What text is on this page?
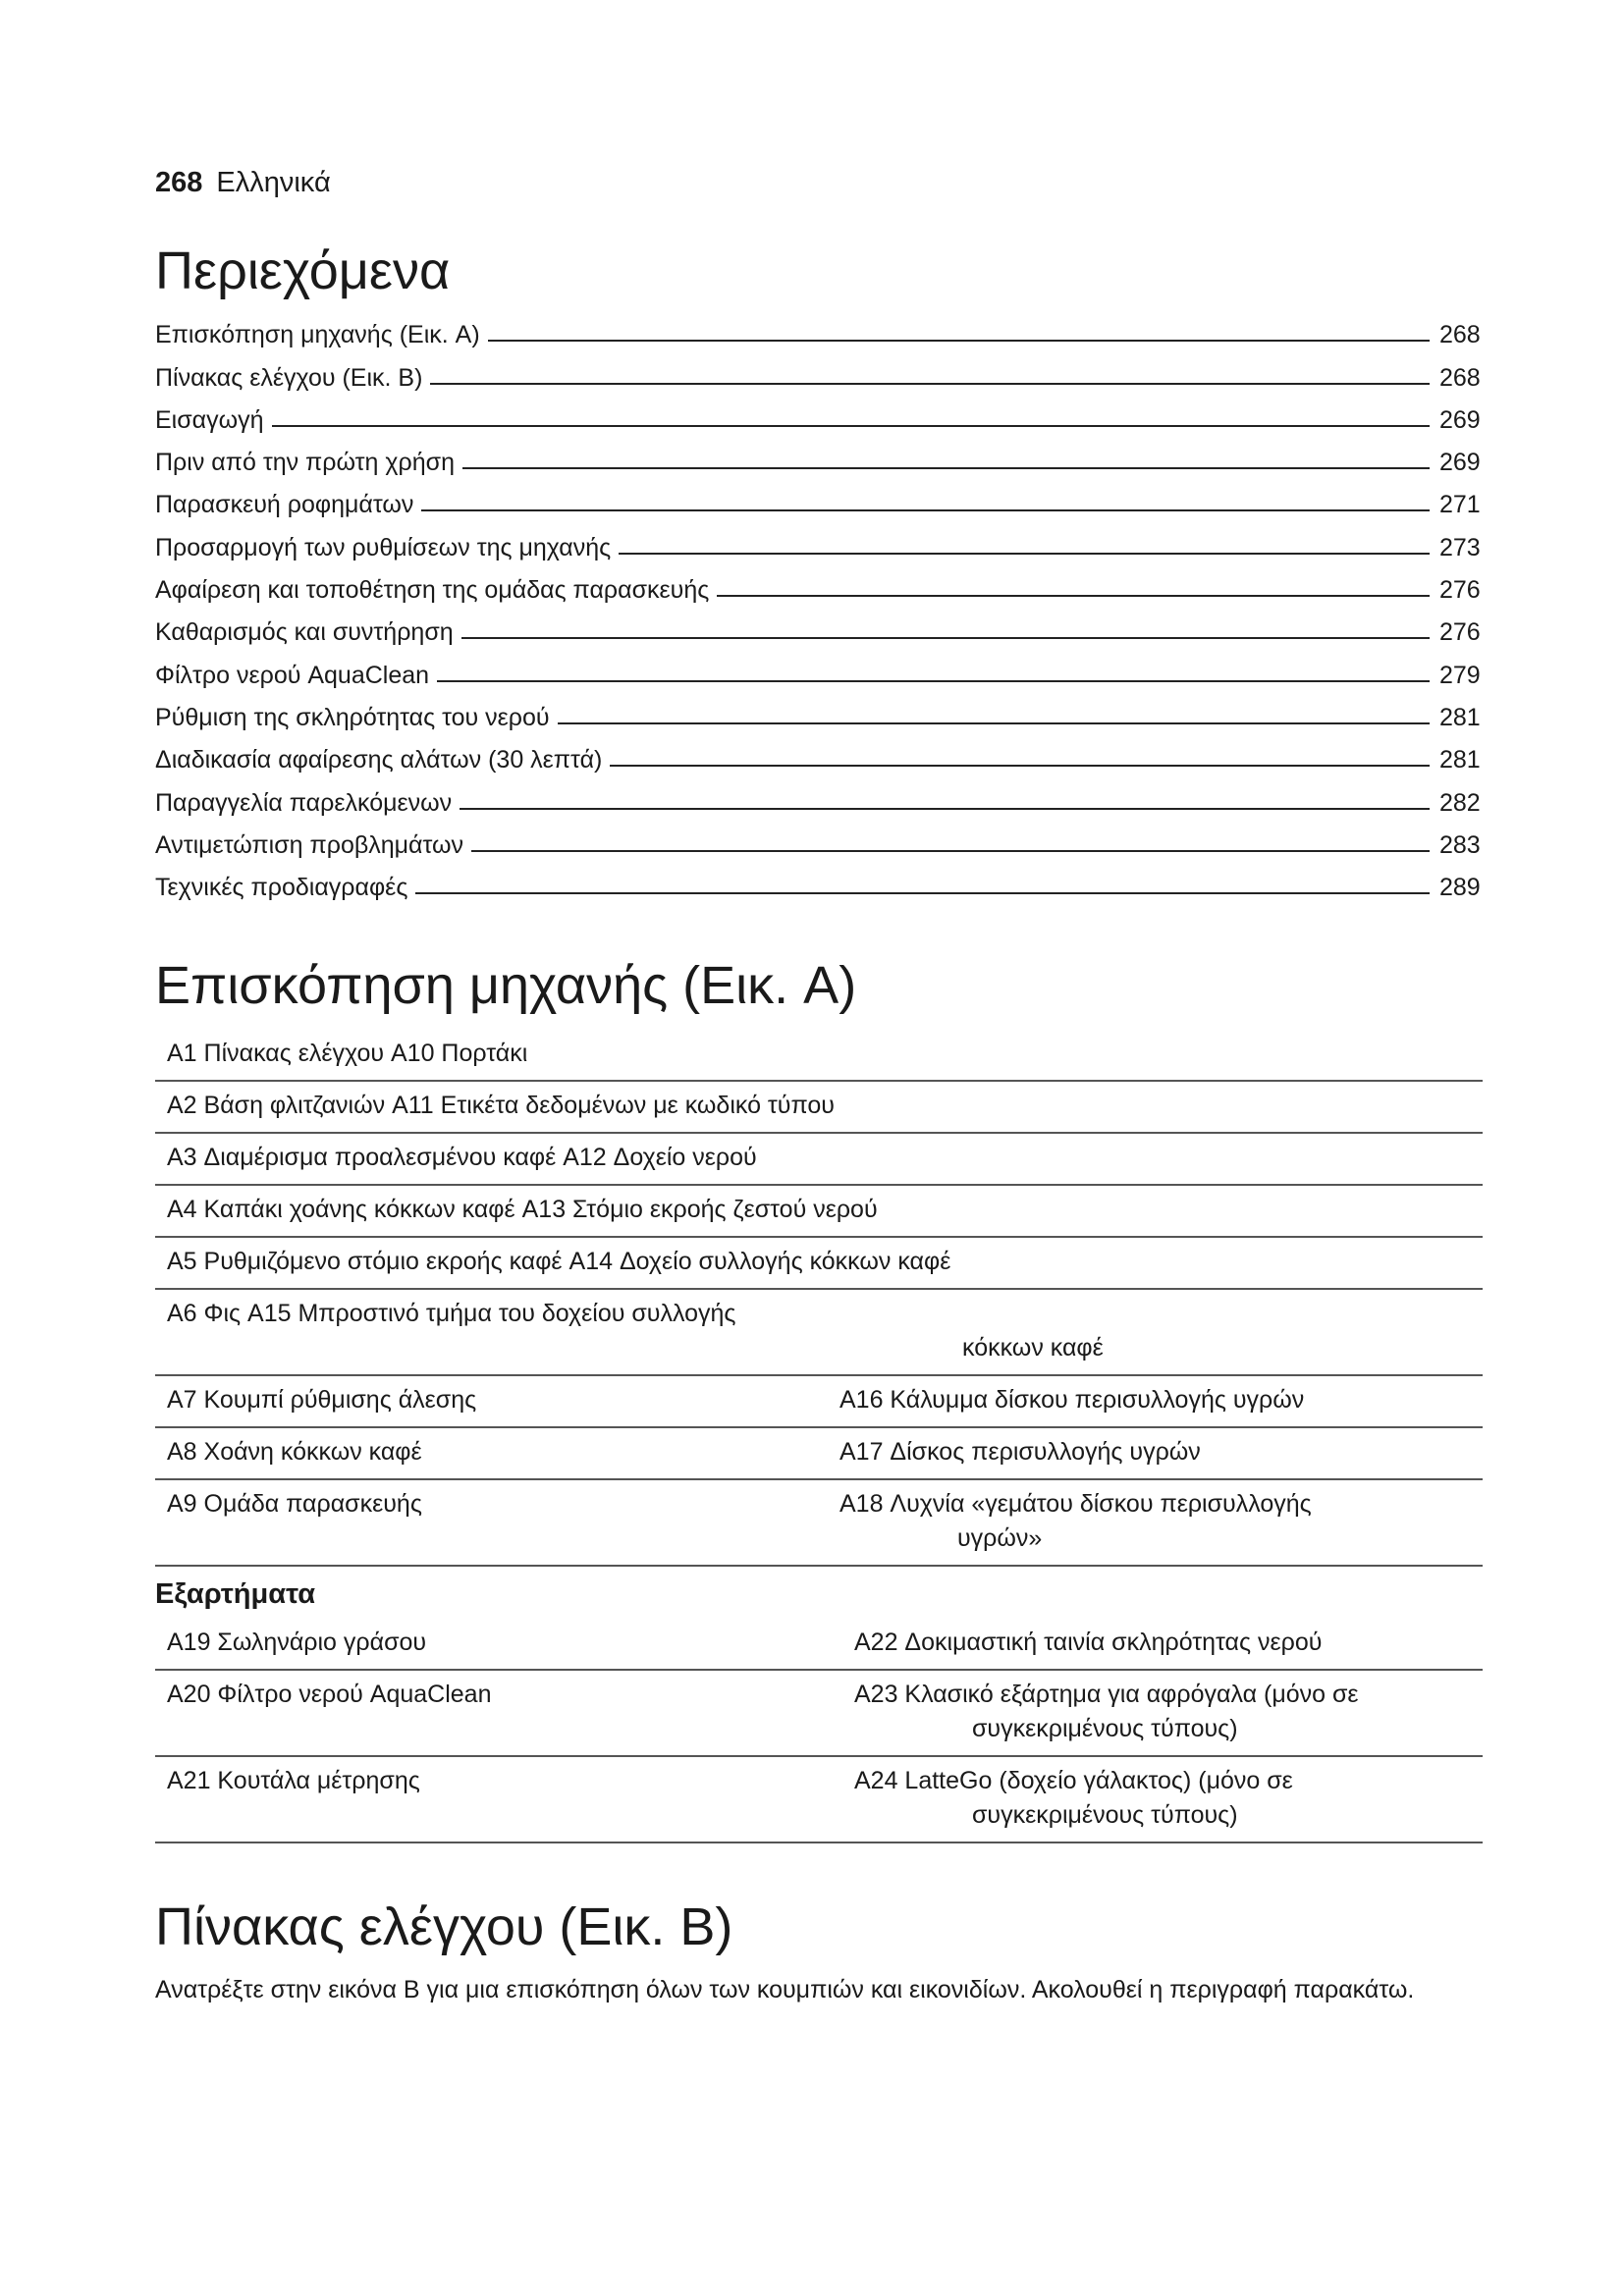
268 Ελληνικά
Περιεχόμενα
Επισκόπηση μηχανής (Εικ. A)	268
Πίνακας ελέγχου (Εικ. B)	268
Εισαγωγή	269
Πριν από την πρώτη χρήση	269
Παρασκευή ροφημάτων	271
Προσαρμογή των ρυθμίσεων της μηχανής	273
Αφαίρεση και τοποθέτηση της ομάδας παρασκευής	276
Καθαρισμός και συντήρηση	276
Φίλτρο νερού AquaClean	279
Ρύθμιση της σκληρότητας του νερού	281
Διαδικασία αφαίρεσης αλάτων (30 λεπτά)	281
Παραγγελία παρελκόμενων	282
Αντιμετώπιση προβλημάτων	283
Τεχνικές προδιαγραφές	289
Επισκόπηση μηχανής (Εικ. A)
A1 Πίνακας ελέγχου A10 Πορτάκι
A2 Βάση φλιτζανιών A11 Ετικέτα δεδομένων με κωδικό τύπου
A3 Διαμέρισμα προαλεσμένου καφέ A12 Δοχείο νερού
A4 Καπάκι χοάνης κόκκων καφέ A13 Στόμιο εκροής ζεστού νερού
A5 Ρυθμιζόμενο στόμιο εκροής καφέ A14 Δοχείο συλλογής κόκκων καφέ
A6 Φις A15 Μπροστινό τμήμα του δοχείου συλλογής
κόκκων καφέ
A7 Κουμπί ρύθμισης άλεσης	A16 Κάλυμμα δίσκου περισυλλογής υγρών
A8 Χοάνη κόκκων καφέ	A17 Δίσκος περισυλλογής υγρών
A9 Ομάδα παρασκευής	A18 Λυχνία «γεμάτου δίσκου περισυλλογής
υγρών»
Εξαρτήματα
A19 Σωληνάριο γράσου	A22 Δοκιμαστική ταινία σκληρότητας νερού
A20 Φίλτρο νερού AquaClean	A23 Κλασικό εξάρτημα για αφρόγαλα (μόνο σε
συγκεκριμένους τύπους)
A21 Κουτάλα μέτρησης	A24 LatteGo (δοχείο γάλακτος) (μόνο σε
συγκεκριμένους τύπους)
Πίνακας ελέγχου (Εικ. B)
Ανατρέξτε στην εικόνα B για μια επισκόπηση όλων των κουμπιών και εικονιδίων. Ακολουθεί η περιγραφή παρακάτω.
